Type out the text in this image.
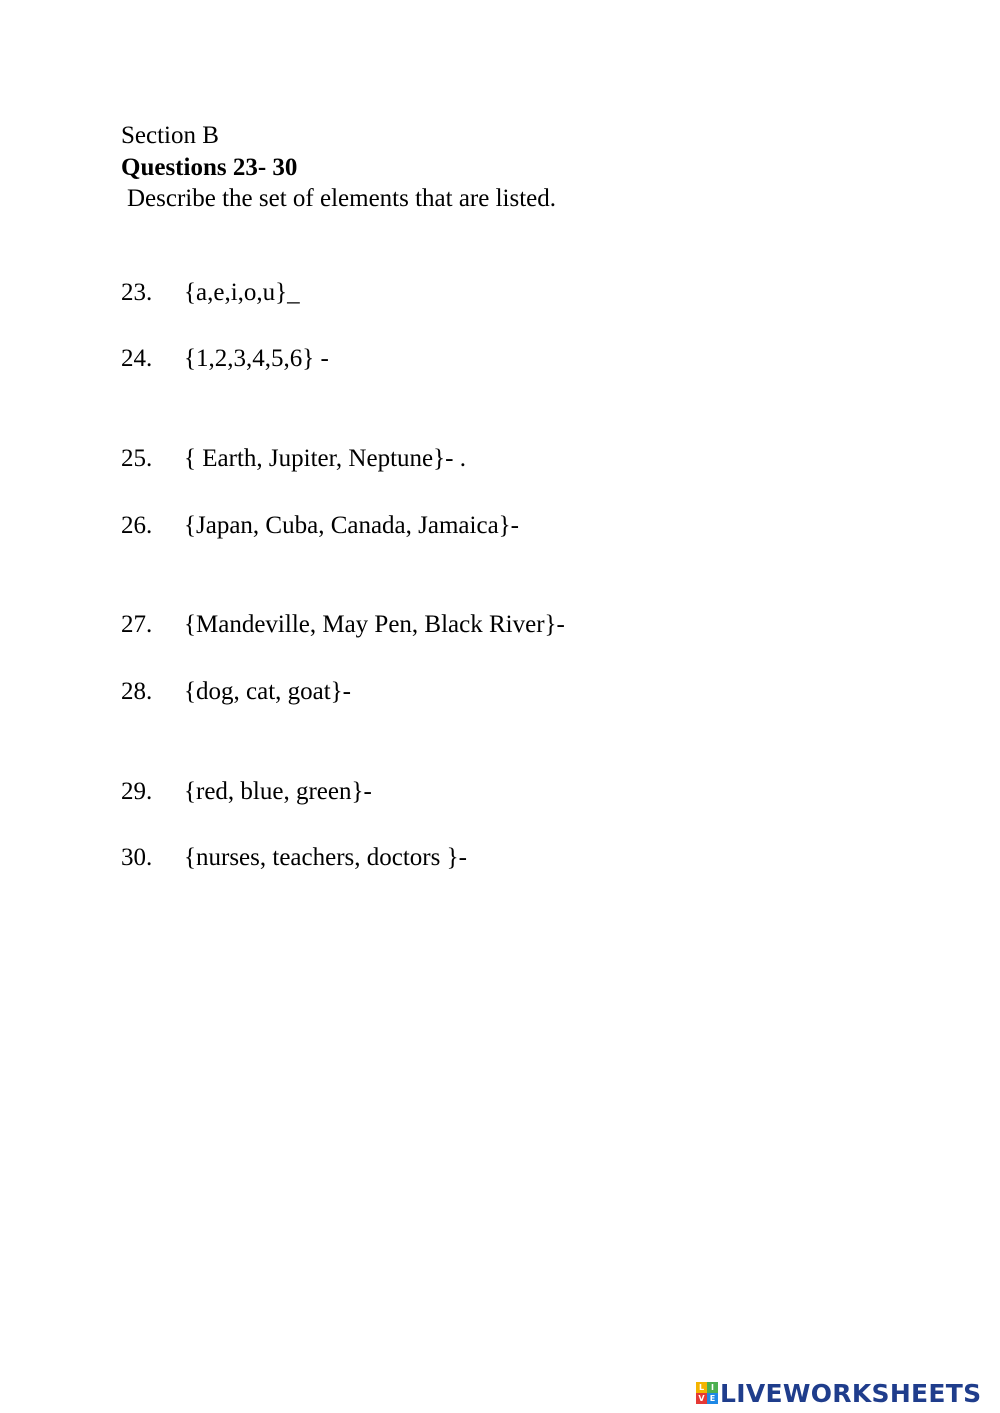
Section B
Questions 23- 30
Describe the set of elements that are listed.
23. {a,e,i,o,u}_
24. {1,2,3,4,5,6} -
25. { Earth, Jupiter, Neptune}- .
26. {Japan, Cuba, Canada, Jamaica}-
27. {Mandeville, May Pen, Black River}-
28. {dog, cat, goat}-
29. {red, blue, green}-
30. {nurses, teachers, doctors }-
L I
V E LIVEWORKSHEETS
